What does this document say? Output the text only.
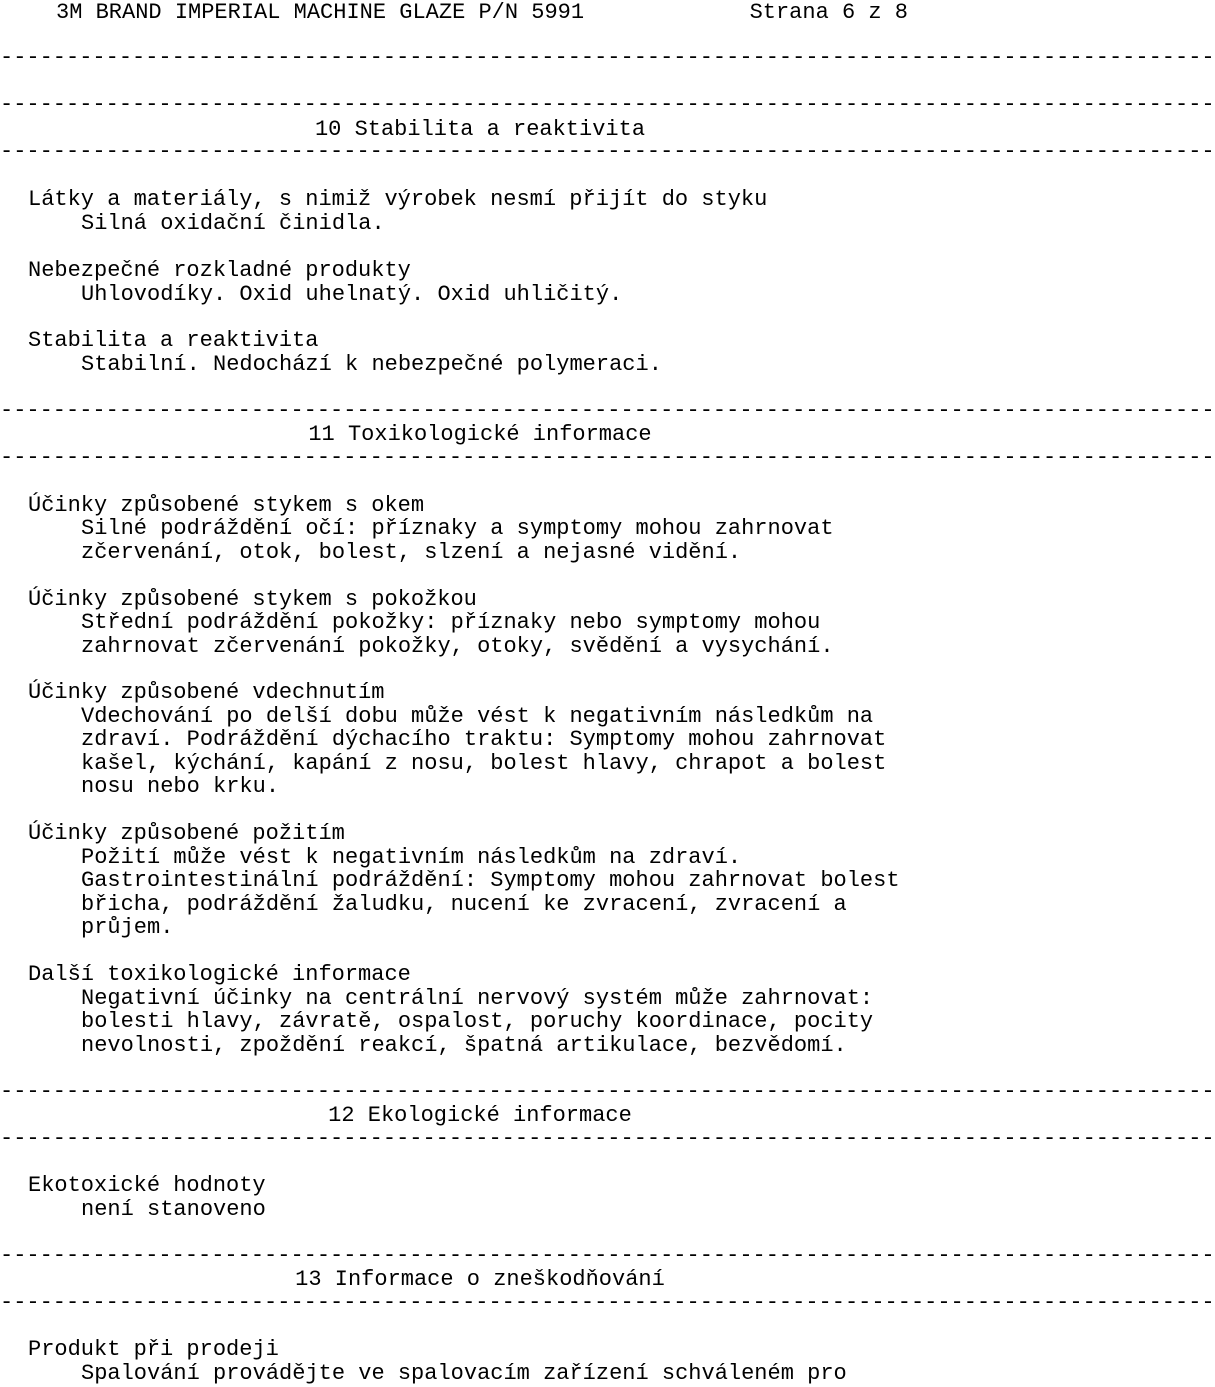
3M BRAND IMPERIAL MACHINE GLAZE P/N 5991	Strana 6 z 8
--------------------------------------------------------------------------------------------
--------------------------------------------------------------------------------------------
10 Stabilita a reaktivita
--------------------------------------------------------------------------------------------
Látky a materiály, s nimiž výrobek nesmí přijít do styku
Silná oxidační činidla.
Nebezpečné rozkladné produkty
Uhlovodíky. Oxid uhelnatý. Oxid uhličitý.
Stabilita a reaktivita
Stabilní. Nedochází k nebezpečné polymeraci.
--------------------------------------------------------------------------------------------
11 Toxikologické informace
--------------------------------------------------------------------------------------------
Účinky způsobené stykem s okem
Silné podráždění očí: příznaky a symptomy mohou zahrnovat
zčervenání, otok, bolest, slzení a nejasné vidění.
Účinky způsobené stykem s pokožkou
Střední podráždění pokožky: příznaky nebo symptomy mohou
zahrnovat zčervenání pokožky, otoky, svědění a vysychání.
Účinky způsobené vdechnutím
Vdechování po delší dobu může vést k negativním následkům na
zdraví. Podráždění dýchacího traktu: Symptomy mohou zahrnovat
kašel, kýchání, kapání z nosu, bolest hlavy, chrapot a bolest
nosu nebo krku.
Účinky způsobené požitím
Požití může vést k negativním následkům na zdraví.
Gastrointestinální podráždění: Symptomy mohou zahrnovat bolest
břicha, podráždění žaludku, nucení ke zvracení, zvracení a
průjem.
Další toxikologické informace
Negativní účinky na centrální nervový systém může zahrnovat:
bolesti hlavy, závratě, ospalost, poruchy koordinace, pocity
nevolnosti, zpoždění reakcí, špatná artikulace, bezvědomí.
--------------------------------------------------------------------------------------------
12 Ekologické informace
--------------------------------------------------------------------------------------------
Ekotoxické hodnoty
není stanoveno
--------------------------------------------------------------------------------------------
13 Informace o zneškodňování
--------------------------------------------------------------------------------------------
Produkt při prodeji
Spalování provádějte ve spalovacím zařízení schváleném pro
